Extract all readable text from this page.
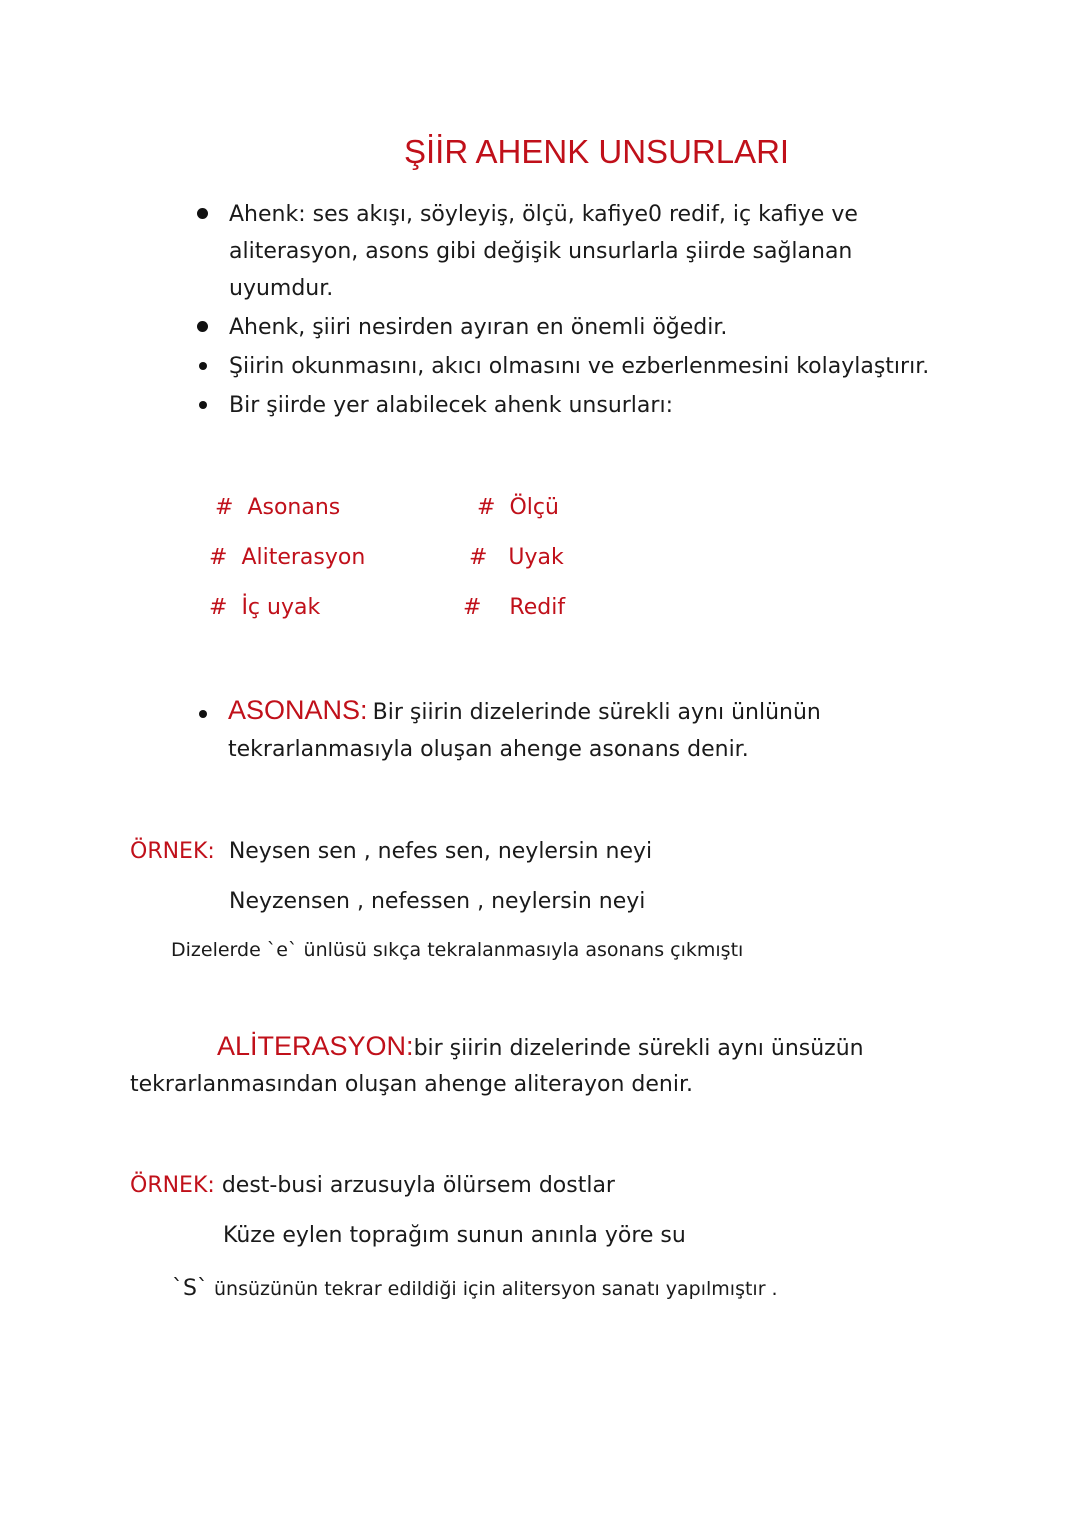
ŞİİR AHENK UNSURLARI
Ahenk: ses akışı, söyleyiş, ölçü, kafiye0 redif, iç kafiye ve
aliterasyon, asons gibi değişik unsurlarla şiirde sağlanan
uyumdur.
Ahenk, şiiri nesirden ayıran en önemli öğedir.
Şiirin okunmasını, akıcı olmasını ve ezberlenmesini kolaylaştırır.
Bir şiirde yer alabilecek ahenk unsurları:
# Asonans
# Aliterasyon
# İç uyak
# Ölçü
# Uyak
# Redif
ASONANS: Bir şiirin dizelerinde sürekli aynı ünlünün
tekrarlanmasıyla oluşan ahenge asonans denir.
ÖRNEK: Neysen sen , nefes sen, neylersin neyi
Neyzensen , nefessen , neylersin neyi
Dizelerde `e` ünlüsü sıkça tekralanmasıyla asonans çıkmıştı
ALİTERASYON:bir şiirin dizelerinde sürekli aynı ünsüzün
tekrarlanmasından oluşan ahenge aliterayon denir.
ÖRNEK: dest-busi arzusuyla ölürsem dostlar
Küze eylen toprağım sunun anınla yöre su
`S` ünsüzünün tekrar edildiği için alitersyon sanatı yapılmıştır .
